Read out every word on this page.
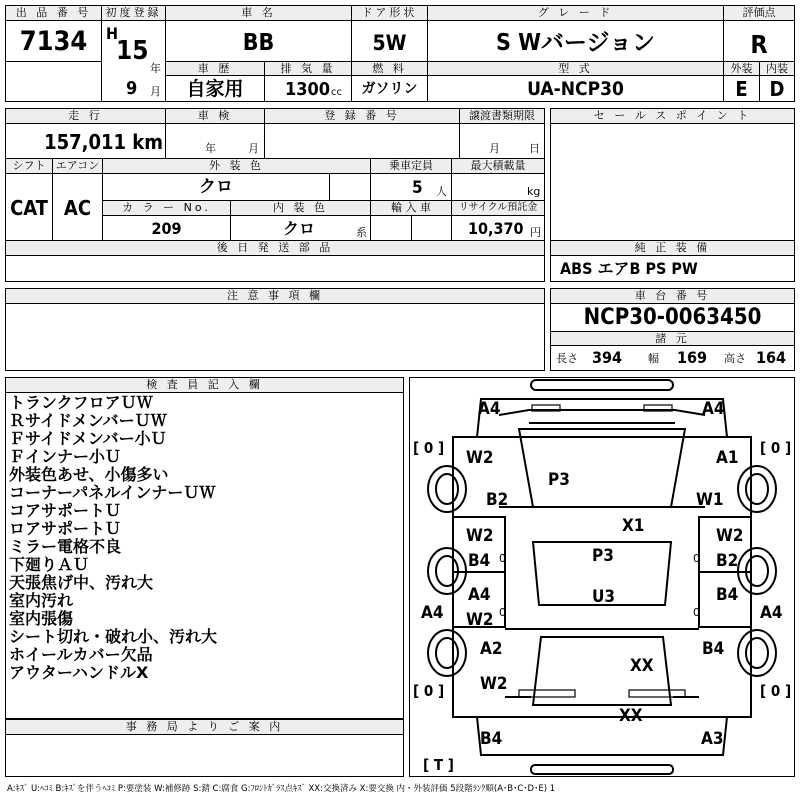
出 品 番 号
7134
初度登録
H
15
年
9 月
車 名
BB
ドア形状
5W
グ レ ー ド
S Wバージョン
評価点
R
車 歴
自家用
排 気 量
1300 cc
燃 料
ガソリン
型 式
UA-NCP30
外装	内装
E	D
走 行
157,011 km
車 検
年	月
登 録 番 号	譲渡書類期限
月	日
シフト エアコン
CAT AC
外 装 色
クロ
乗車定員
5 人
最大積載量
kg
カ ラ ー No.
209
内 装 色
クロ	系
輸 入 車	リサイクル預託金
10,370 円
後 日 発 送 部 品
注 意 事 項 欄
セ ー ル ス ポ イ ン ト
純 正 装 備
ABS エアB PS PW
車 台 番 号
NCP30-0063450
諸 元
長さ 394 幅 169 高さ 164
検 査 員 記 入 欄
トランクフロアＵＷ
ＲサイドメンバーＵＷ
Ｆサイドメンバー小Ｕ
Ｆインナー小Ｕ
外装色あせ、小傷多い
コーナーパネルインナーＵＷ
コアサポートＵ
ロアサポートＵ
ミラー電格不良
下廻りＡＵ
天張焦げ中、汚れ大
室内汚れ
室内張傷
シート切れ・破れ小、汚れ大
ホイールカバー欠品
アウターハンドルX
事 務 局 よ り ご 案 内
[ 0 ]	[ 0 ]
[ 0 ]	[ 0 ]
[ T ]
0	0
0	0
A4	A4
W2	A1
P3
B2	W1
X1
W2	W2
B4	P3	B2
A4	U3	B4
A4	A4
W2
A2	B4
XX
W2
XX
B4	A3
A:ｷｽﾞ U:ﾍｺﾐ B:ｷｽﾞを伴うﾍｺﾐ P:要塗装 W:補修跡 S:錆 C:腐食 G:ﾌﾛﾝﾄｶﾞﾗｽ点ｷｽﾞ XX:交換済み X:要交換 内・外装評価 5段階ﾗﾝｸ順(A･B･C･D･E) 1
